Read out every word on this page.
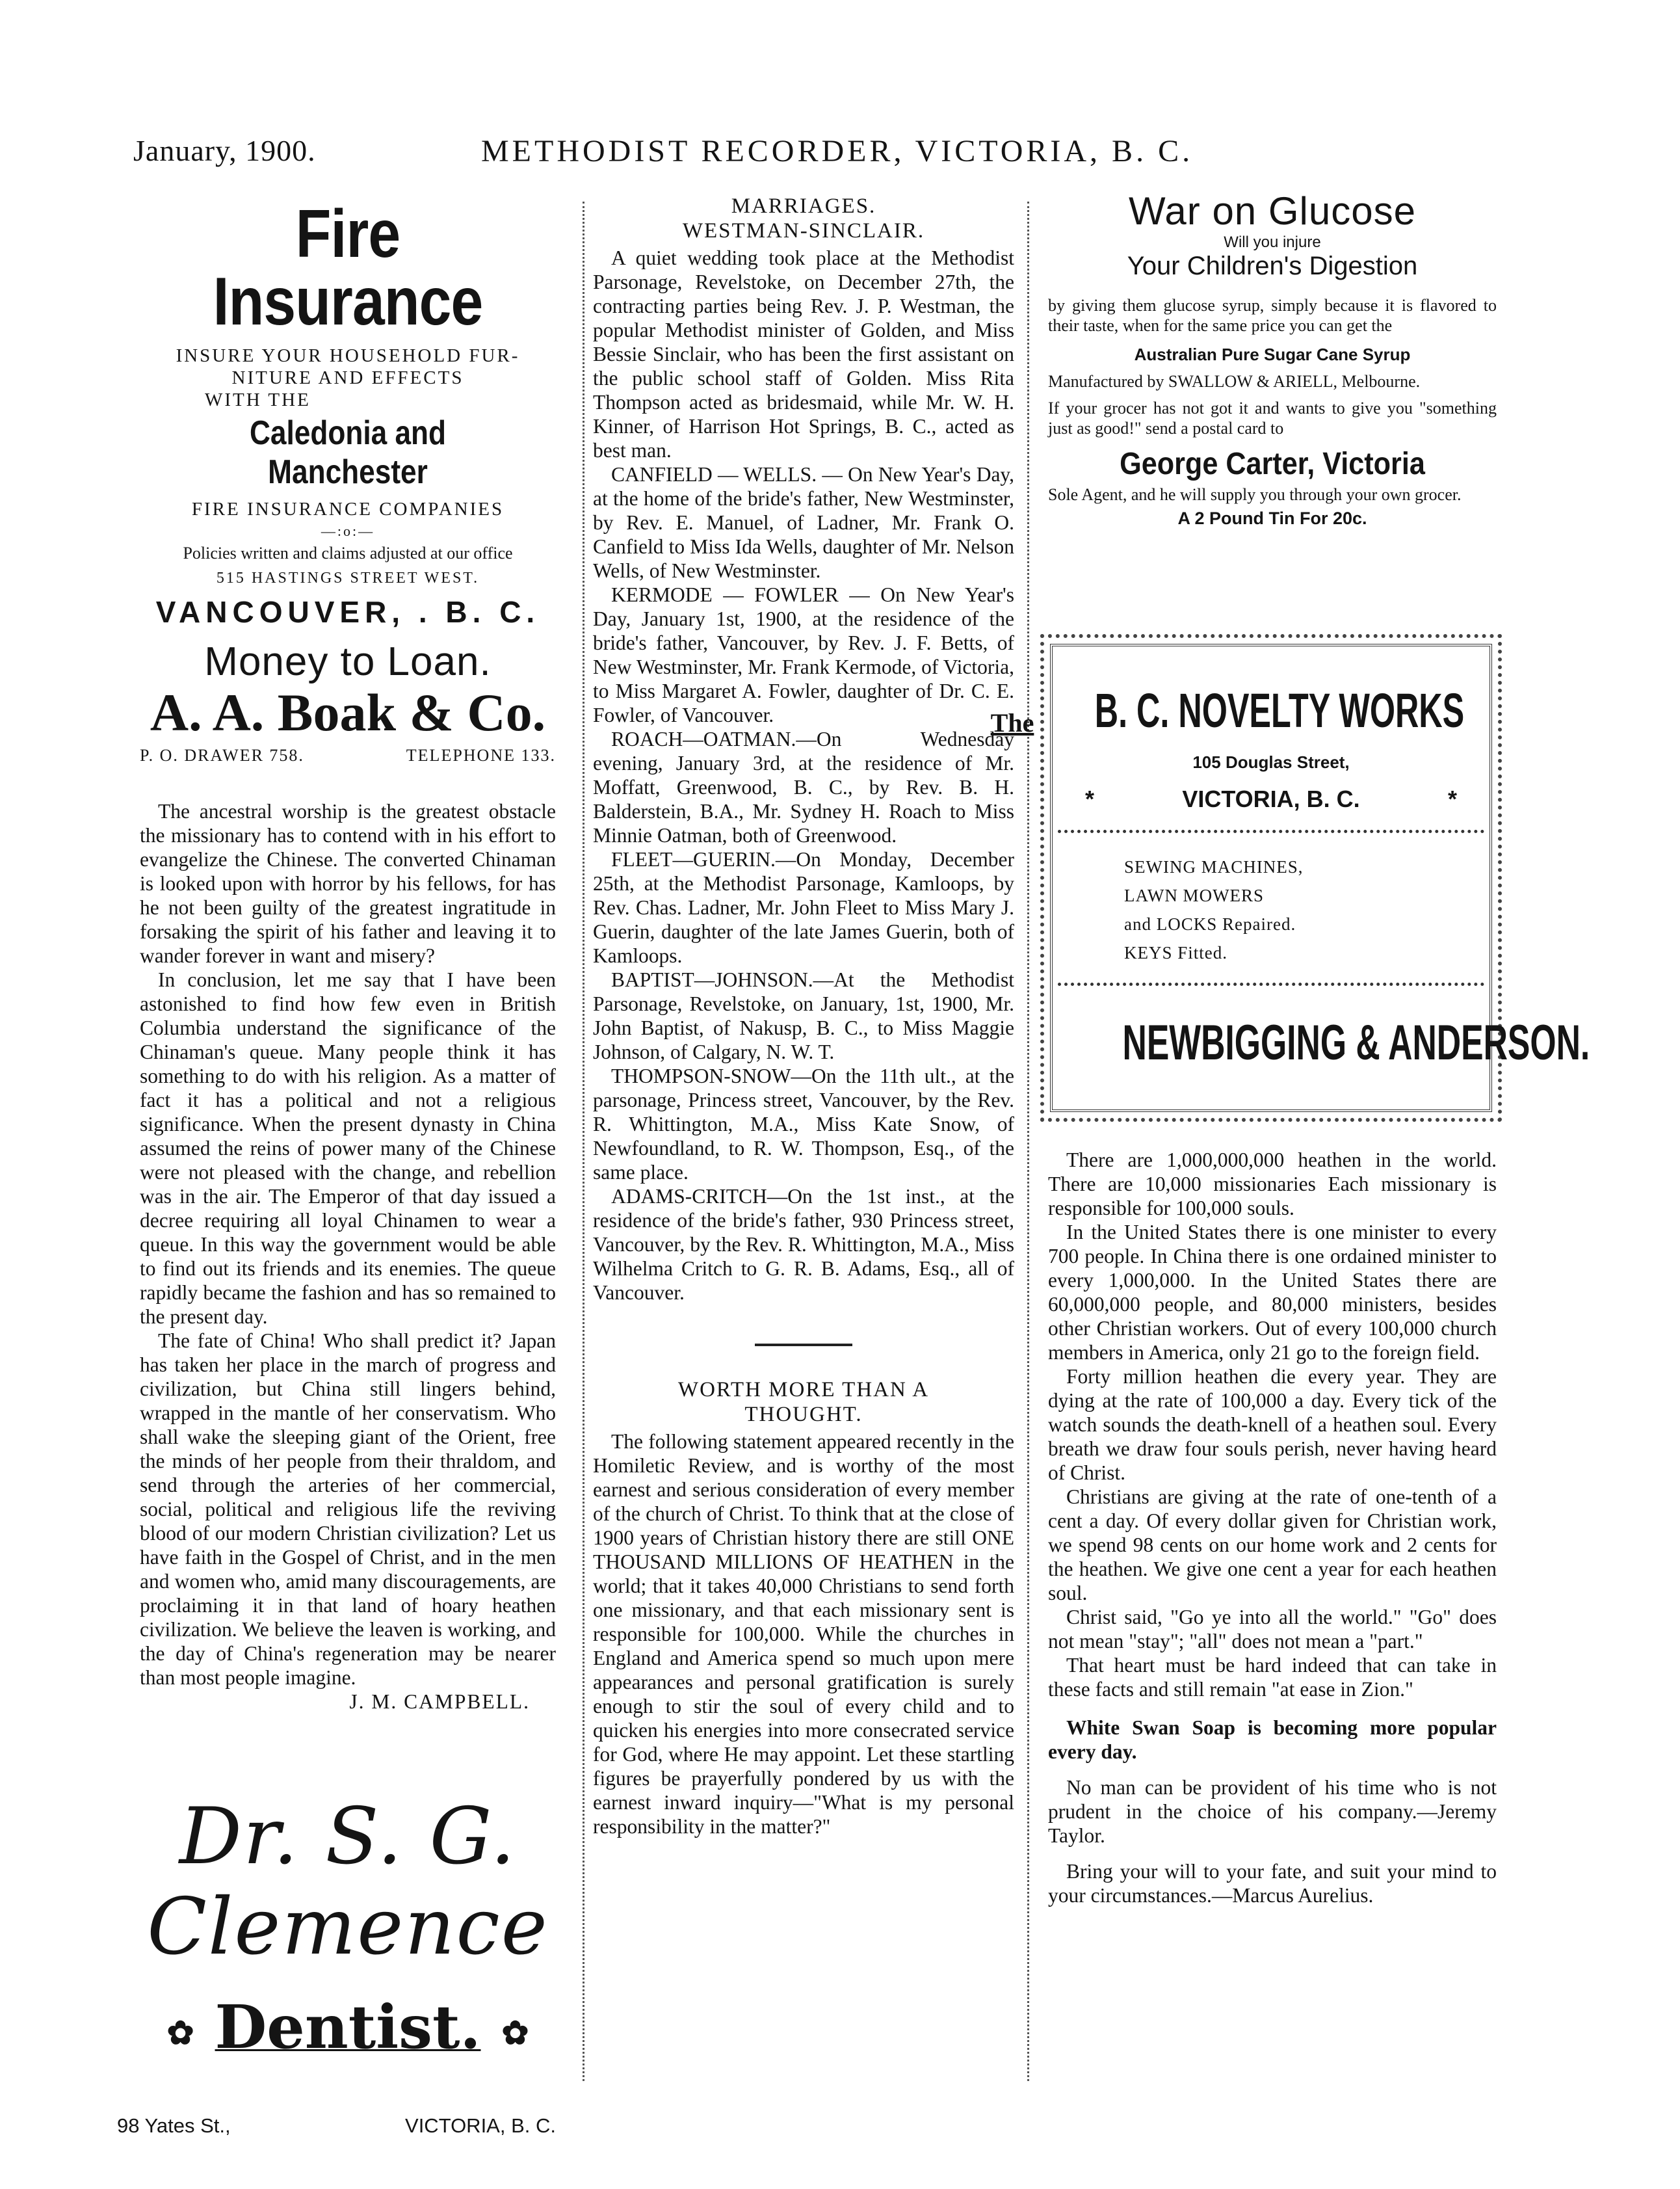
January, 1900.	METHODIST RECORDER, VICTORIA, B. C.
Fire Insurance
INSURE YOUR HOUSEHOLD FUR-
NITURE AND EFFECTS
WITH THE
Caledonia and Manchester
FIRE INSURANCE COMPANIES
—:o:—
Policies written and claims adjusted at our office
515 HASTINGS STREET WEST.
VANCOUVER, . B. C.
Money to Loan.
A. A. Boak & Co.
P. O. DRAWER 758.	TELEPHONE 133.

The ancestral worship is the greatest obstacle the missionary has to contend with in his effort to evangelize the Chinese. The converted Chinaman is looked upon with horror by his fellows, for has he not been guilty of the greatest ingratitude in forsaking the spirit of his father and leaving it to wander forever in want and misery?

In conclusion, let me say that I have been astonished to find how few even in British Columbia understand the significance of the Chinaman's queue. Many people think it has something to do with his religion. As a matter of fact it has a political and not a religious significance. When the present dynasty in China assumed the reins of power many of the Chinese were not pleased with the change, and rebellion was in the air. The Emperor of that day issued a decree requiring all loyal Chinamen to wear a queue. In this way the government would be able to find out its friends and its enemies. The queue rapidly became the fashion and has so remained to the present day.

The fate of China! Who shall predict it? Japan has taken her place in the march of progress and civilization, but China still lingers behind, wrapped in the mantle of her conservatism. Who shall wake the sleeping giant of the Orient, free the minds of her people from their thraldom, and send through the arteries of her commercial, social, political and religious life the reviving blood of our modern Christian civilization? Let us have faith in the Gospel of Christ, and in the men and women who, amid many discouragements, are proclaiming it in that land of hoary heathen civilization. We believe the leaven is working, and the day of China's regeneration may be nearer than most people imagine.

J. M. CAMPBELL.
Dr. S. G. Clemence
✿ Dentist. ✿
98 Yates St.,	VICTORIA, B. C.
MARRIAGES.
WESTMAN-SINCLAIR.

A quiet wedding took place at the Methodist Parsonage, Revelstoke, on December 27th, the contracting parties being Rev. J. P. Westman, the popular Methodist minister of Golden, and Miss Bessie Sinclair, who has been the first assistant on the public school staff of Golden. Miss Rita Thompson acted as bridesmaid, while Mr. W. H. Kinner, of Harrison Hot Springs, B. C., acted as best man.

CANFIELD — WELLS. — On New Year's Day, at the home of the bride's father, New Westminster, by Rev. E. Manuel, of Ladner, Mr. Frank O. Canfield to Miss Ida Wells, daughter of Mr. Nelson Wells, of New Westminster.

KERMODE — FOWLER — On New Year's Day, January 1st, 1900, at the residence of the bride's father, Vancouver, by Rev. J. F. Betts, of New Westminster, Mr. Frank Kermode, of Victoria, to Miss Margaret A. Fowler, daughter of Dr. C. E. Fowler, of Vancouver.

ROACH—OATMAN.—On Wednesday evening, January 3rd, at the residence of Mr. Moffatt, Greenwood, B. C., by Rev. B. H. Balderstein, B.A., Mr. Sydney H. Roach to Miss Minnie Oatman, both of Greenwood.

FLEET—GUERIN.—On Monday, December 25th, at the Methodist Parsonage, Kamloops, by Rev. Chas. Ladner, Mr. John Fleet to Miss Mary J. Guerin, daughter of the late James Guerin, both of Kamloops.

BAPTIST—JOHNSON.—At the Methodist Parsonage, Revelstoke, on January, 1st, 1900, Mr. John Baptist, of Nakusp, B. C., to Miss Maggie Johnson, of Calgary, N. W. T.

THOMPSON-SNOW—On the 11th ult., at the parsonage, Princess street, Vancouver, by the Rev. R. Whittington, M.A., Miss Kate Snow, of Newfoundland, to R. W. Thompson, Esq., of the same place.

ADAMS-CRITCH—On the 1st inst., at the residence of the bride's father, 930 Princess street, Vancouver, by the Rev. R. Whittington, M.A., Miss Wilhelma Critch to G. R. B. Adams, Esq., all of Vancouver.

WORTH MORE THAN A
THOUGHT.

The following statement appeared recently in the Homiletic Review, and is worthy of the most earnest and serious consideration of every member of the church of Christ. To think that at the close of 1900 years of Christian history there are still ONE THOUSAND MILLIONS OF HEATHEN in the world; that it takes 40,000 Christians to send forth one missionary, and that each missionary sent is responsible for 100,000. While the churches in England and America spend so much upon mere appearances and personal gratification is surely enough to stir the soul of every child and to quicken his energies into more consecrated service for God, where He may appoint. Let these startling figures be prayerfully pondered by us with the earnest inward inquiry—"What is my personal responsibility in the matter?"

War on Glucose
Will you injure
Your Children's Digestion

by giving them glucose syrup, simply because it is flavored to their taste, when for the same price you can get the

Australian Pure Sugar Cane Syrup

Manufactured by SWALLOW & ARIELL, Melbourne.

If your grocer has not got it and wants to give you "something just as good!" send a postal card to

George Carter, Victoria

Sole Agent, and he will supply you through your own grocer.

A 2 Pound Tin For 20c.
The B. C. NOVELTY WORKS
105 Douglas Street,
*	VICTORIA, B. C.	*
SEWING MACHINES,
LAWN MOWERS
and LOCKS Repaired.
KEYS Fitted.
NEWBIGGING & ANDERSON.

There are 1,000,000,000 heathen in the world. There are 10,000 missionaries Each missionary is responsible for 100,000 souls.

In the United States there is one minister to every 700 people. In China there is one ordained minister to every 1,000,000. In the United States there are 60,000,000 people, and 80,000 ministers, besides other Christian workers. Out of every 100,000 church members in America, only 21 go to the foreign field.

Forty million heathen die every year. They are dying at the rate of 100,000 a day. Every tick of the watch sounds the death-knell of a heathen soul. Every breath we draw four souls perish, never having heard of Christ.

Christians are giving at the rate of one-tenth of a cent a day. Of every dollar given for Christian work, we spend 98 cents on our home work and 2 cents for the heathen. We give one cent a year for each heathen soul.

Christ said, "Go ye into all the world." "Go" does not mean "stay"; "all" does not mean a "part."

That heart must be hard indeed that can take in these facts and still remain "at ease in Zion."

White Swan Soap is becoming more popular every day.

No man can be provident of his time who is not prudent in the choice of his company.—Jeremy Taylor.

Bring your will to your fate, and suit your mind to your circumstances.—Marcus Aurelius.
